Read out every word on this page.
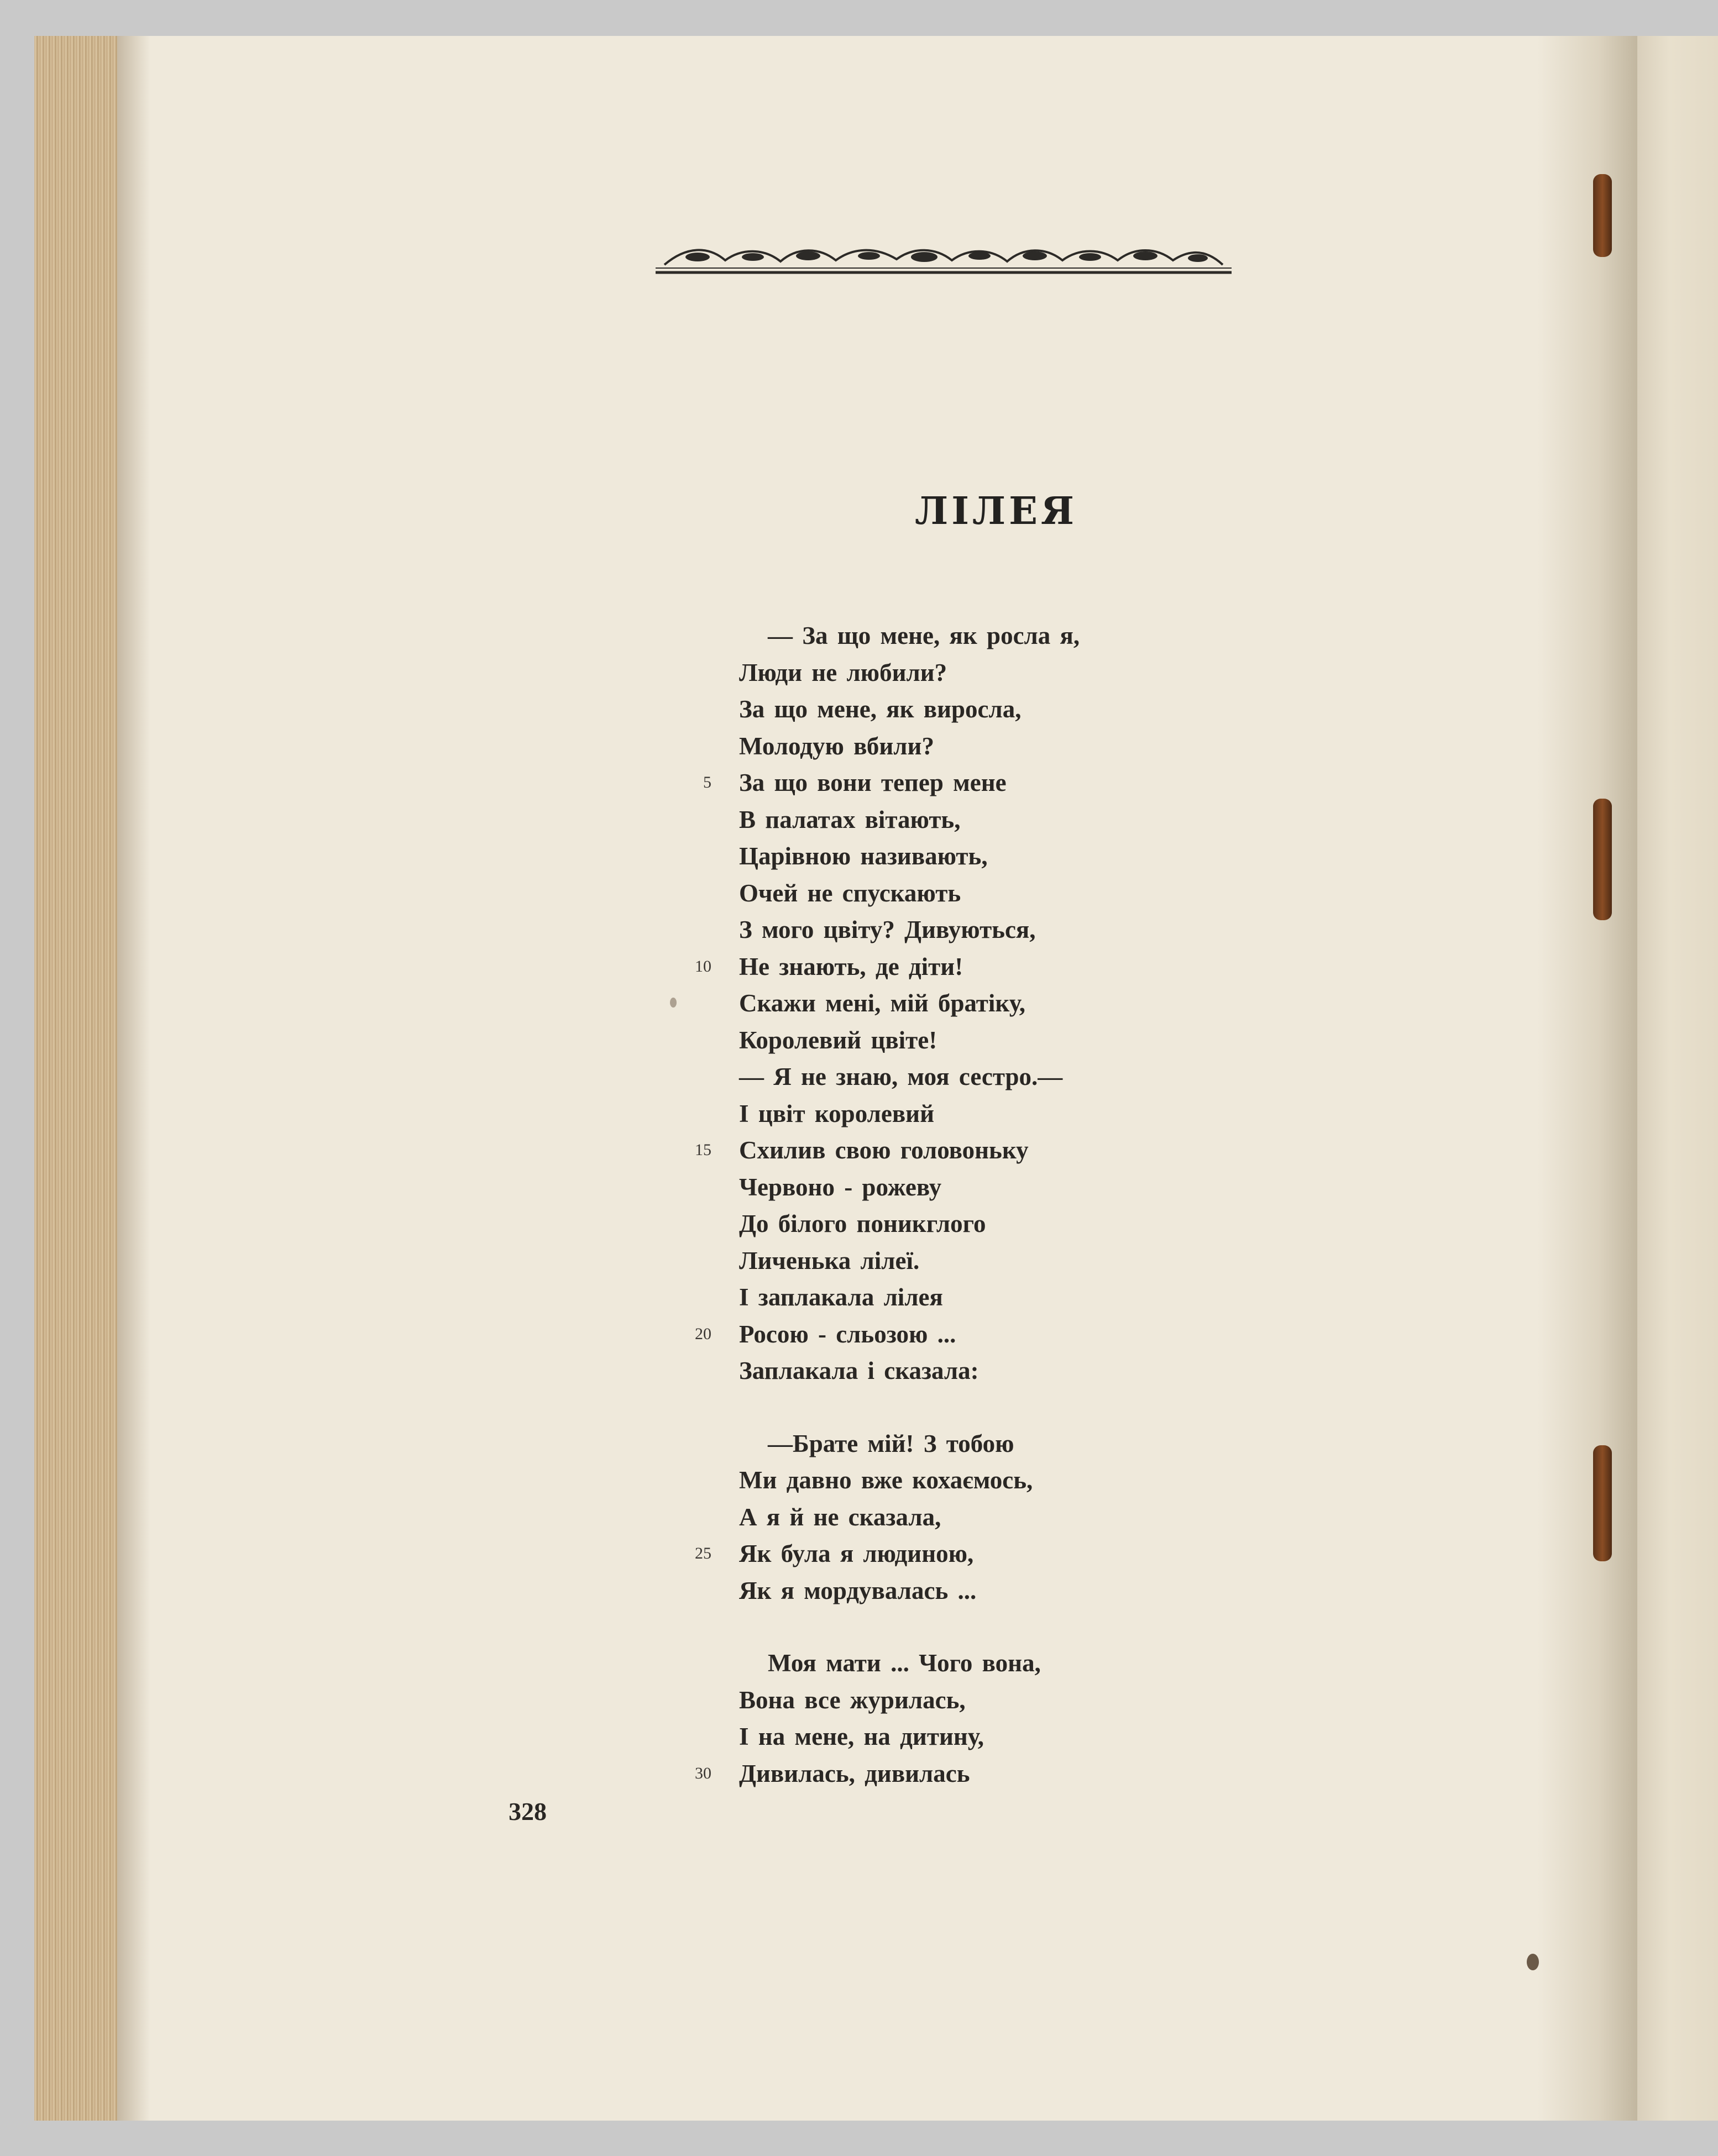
ЛІЛЕЯ
— За що мене, як росла я,
Люди не любили?
За що мене, як виросла,
Молодую вбили?
5 За що вони тепер мене
В палатах вітають,
Царівною називають,
Очей не спускають
З мого цвіту? Дивуються,
10 Не знають, де діти!
Скажи мені, мій братіку,
Королевий цвіте!
— Я не знаю, моя сестро.—
І цвіт королевий
15 Схилив свою головоньку
Червоно - рожеву
До білого поникглого
Личенька лілеї.
І заплакала лілея
20 Росою - сльозою ...
Заплакала і сказала:
—Брате мій! З тобою
Ми давно вже кохаємось,
А я й не сказала,
25 Як була я людиною,
Як я мордувалась ...
Моя мати ... Чого вона,
Вона все журилась,
І на мене, на дитину,
30 Дивилась, дивилась
328
